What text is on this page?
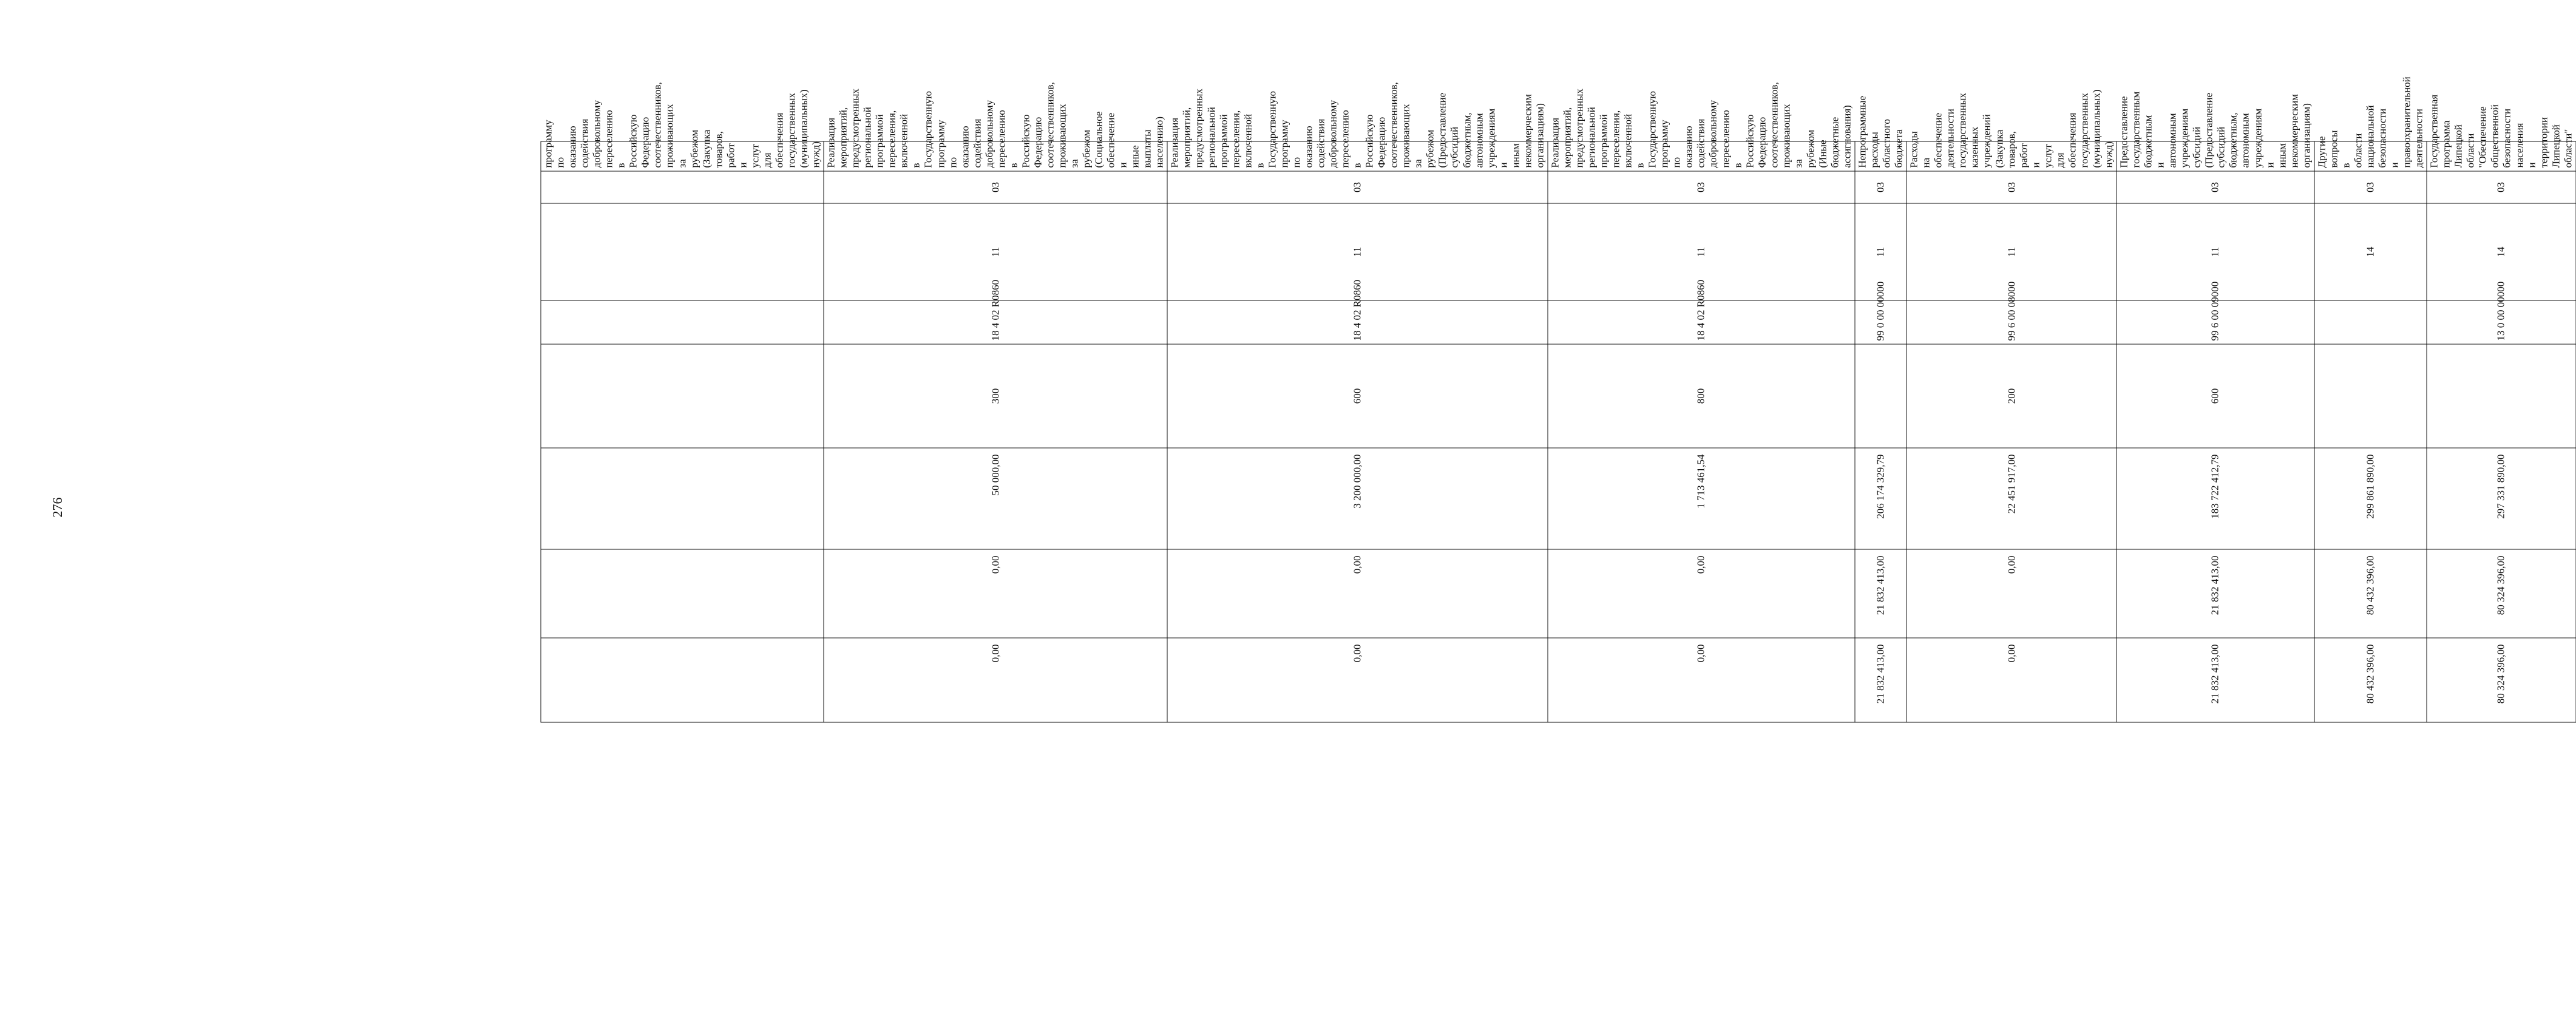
276
							программу по оказанию содействия добровольному переселению в Российскую Федерацию соотечественников, проживающих за рубежом (Закупка товаров, работ и услуг для обеспечения государственных (муниципальных) нужд)
0,00	0,00	50 000,00	300	18 4 02 R0860	11	03	Реализация мероприятий, предусмотренных региональной программой переселения, включенной в Государственную программу по оказанию содействия добровольному переселению в Российскую Федерацию соотечественников, проживающих за рубежом (Социальное обеспечение и иные выплаты населению)
0,00	0,00	3 200 000,00	600	18 4 02 R0860	11	03	Реализация мероприятий, предусмотренных региональной программой переселения, включенной в Государственную программу по оказанию содействия добровольному переселению в Российскую Федерацию соотечественников, проживающих за рубежом (Предоставление субсидий бюджетным, автономным учреждениям и иным некоммерческим организациям)
0,00	0,00	1 713 461,54	800	18 4 02 R0860	11	03	Реализация мероприятий, предусмотренных региональной программой переселения, включенной в Государственную программу по оказанию содействия добровольному переселению в Российскую Федерацию соотечественников, проживающих за рубежом (Иные бюджетные ассигнования)
21 832 413,00	21 832 413,00	206 174 329,79		99 0 00 00000	11	03	Непрограммные расходы областного бюджета
0,00	0,00	22 451 917,00	200	99 6 00 08000	11	03	Расходы на обеспечение деятельности государственных казенных учреждений (Закупка товаров, работ и услуг для обеспечения государственных (муниципальных) нужд)
21 832 413,00	21 832 413,00	183 722 412,79	600	99 6 00 09000	11	03	Предоставление государственным бюджетным и автономным учреждениям субсидий (Предоставление субсидий бюджетным, автономным учреждениям и иным некоммерческим организациям)
80 432 396,00	80 432 396,00	299 861 890,00			14	03	Другие вопросы в области национальной безопасности и правоохранительной деятельности
80 324 396,00	80 324 396,00	297 331 890,00		13 0 00 00000	14	03	Государственная программа Липецкой области "Обеспечение общественной безопасности населения и территории Липецкой области"
